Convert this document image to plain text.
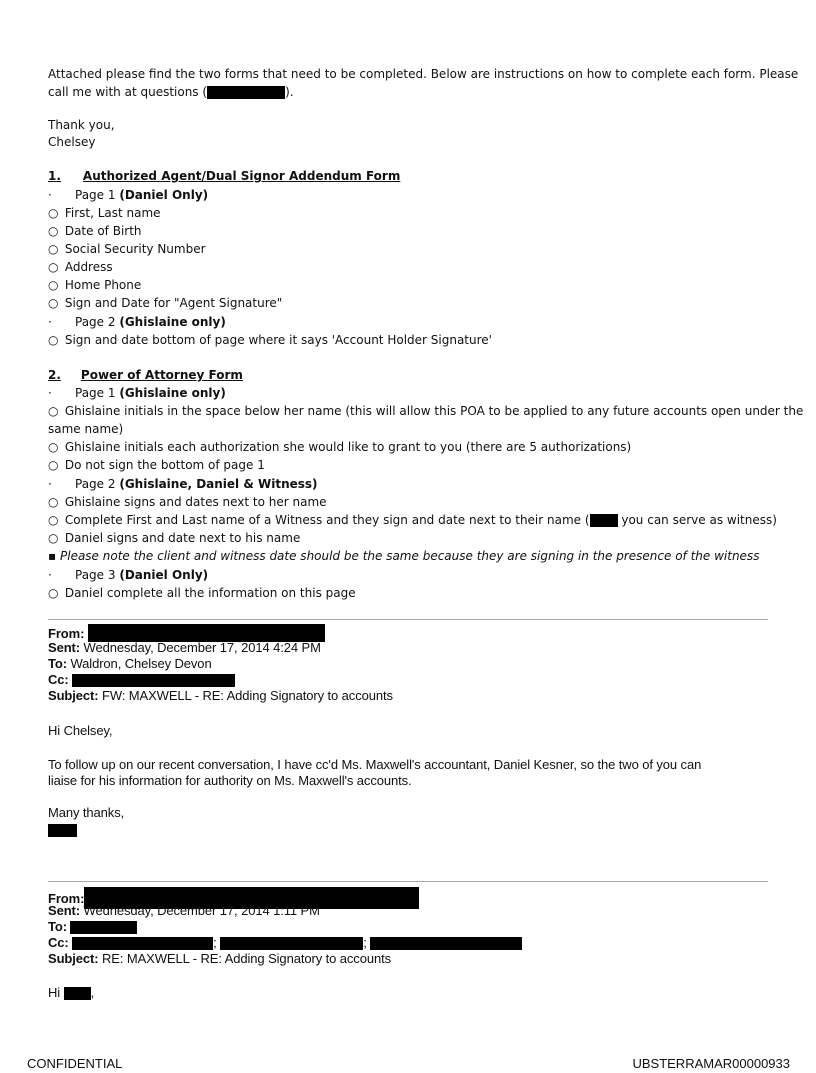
Attached please find the two forms that need to be completed. Below are instructions on how to complete each form. Please
call me with at questions (	).
Thank you,
Chelsey
1. Authorized Agent/Dual Signor Addendum Form
· Page 1 (Daniel Only)
○ First, Last name
○ Date of Birth
○ Social Security Number
○ Address
○ Home Phone
○ Sign and Date for "Agent Signature"
· Page 2 (Ghislaine only)
○ Sign and date bottom of page where it says 'Account Holder Signature'
2. Power of Attorney Form
· Page 1 (Ghislaine only)
○ Ghislaine initials in the space below her name (this will allow this POA to be applied to any future accounts open under the
same name)
○ Ghislaine initials each authorization she would like to grant to you (there are 5 authorizations)
○ Do not sign the bottom of page 1
· Page 2 (Ghislaine, Daniel & Witness)
○ Ghislaine signs and dates next to her name
○ Complete First and Last name of a Witness and they sign and date next to their name ( you can serve as witness)
○ Daniel signs and date next to his name
▪ Please note the client and witness date should be the same because they are signing in the presence of the witness
· Page 3 (Daniel Only)
○ Daniel complete all the information on this page
From:
Sent: Wednesday, December 17, 2014 4:24 PM
To: Waldron, Chelsey Devon
Cc:
Subject: FW: MAXWELL - RE: Adding Signatory to accounts
Hi Chelsey,
To follow up on our recent conversation, I have cc'd Ms. Maxwell's accountant, Daniel Kesner, so the two of you can
liaise for his information for authority on Ms. Maxwell's accounts.
Many thanks,
From:
Sent: Wednesday, December 17, 2014 1:11 PM
To:
Cc:	;	;
Subject: RE: MAXWELL - RE: Adding Signatory to accounts
Hi ,
CONFIDENTIAL	UBSTERRAMAR00000933
